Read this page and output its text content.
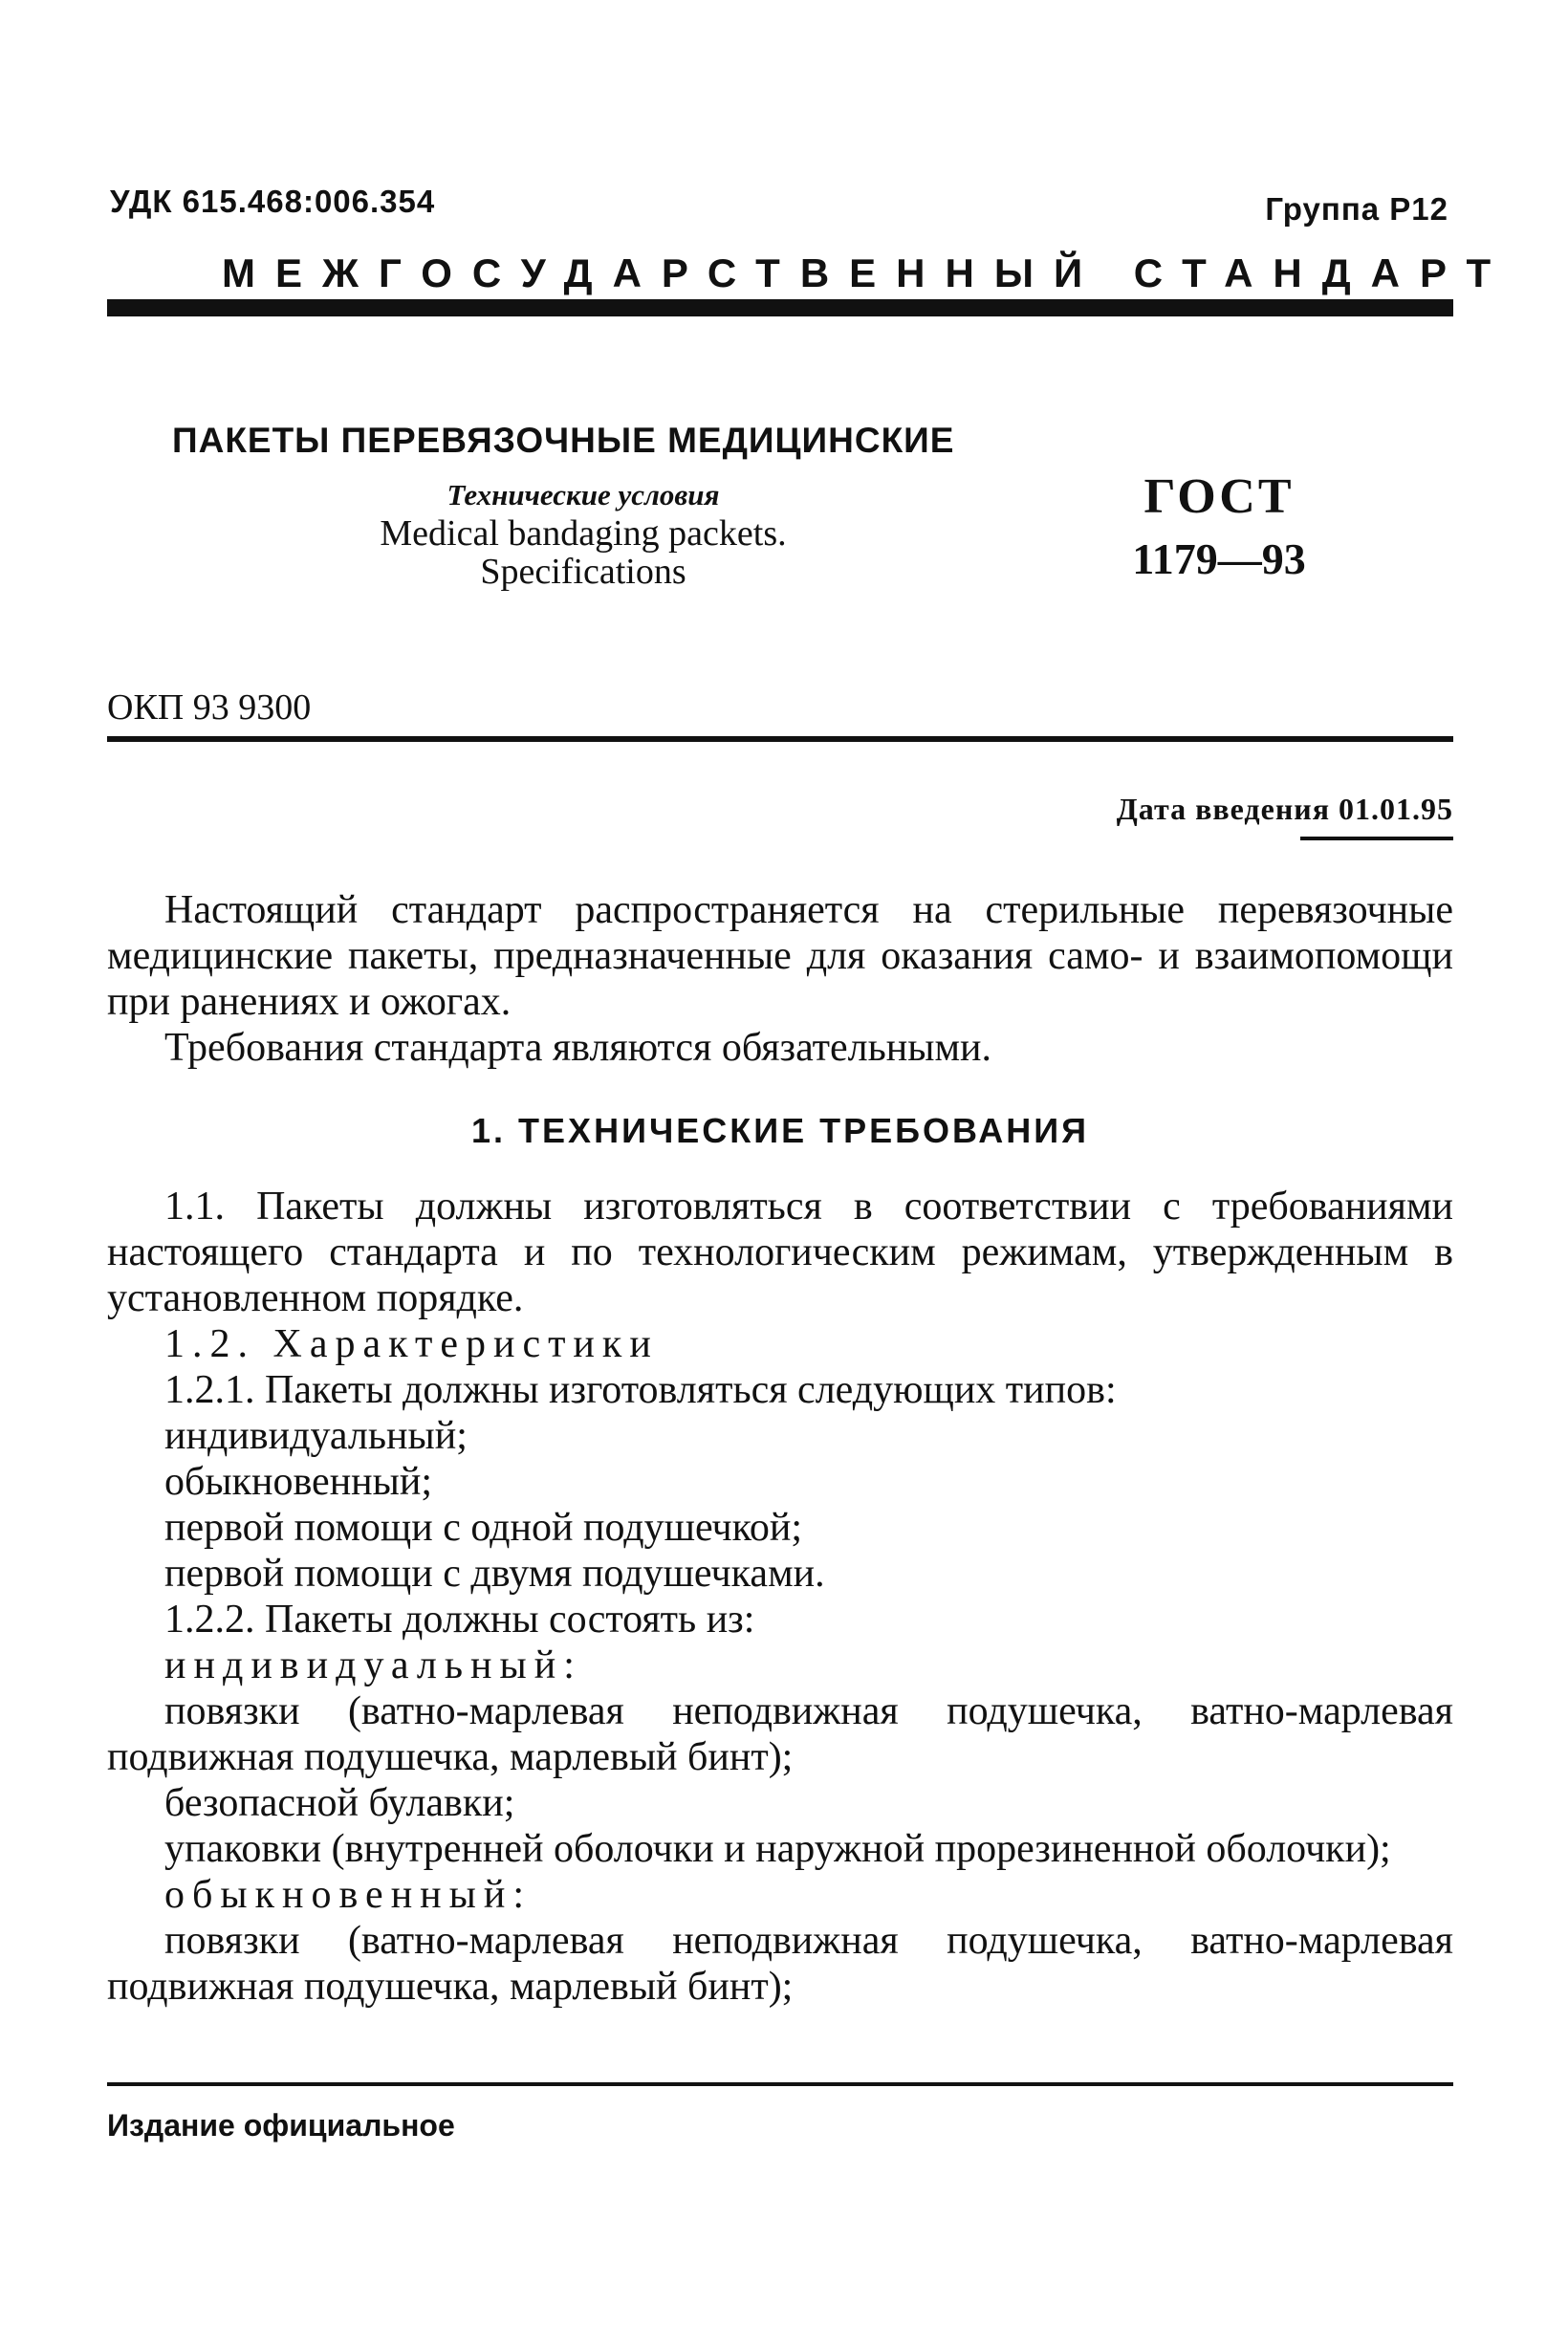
УДК 615.468:006.354	Группа Р12
МЕЖГОСУДАРСТВЕННЫЙ СТАНДАРТ
ПАКЕТЫ ПЕРЕВЯЗОЧНЫЕ МЕДИЦИНСКИЕ
Технические условия
Medical bandaging packets.
Specifications
ГОСТ
1179—93
ОКП 93 9300
Дата введения 01.01.95

Настоящий стандарт распространяется на стерильные перевязочные медицинские пакеты, предназначенные для оказания само- и взаимопомощи при ранениях и ожогах.

Требования стандарта являются обязательными.

1. ТЕХНИЧЕСКИЕ ТРЕБОВАНИЯ

1.1. Пакеты должны изготовляться в соответствии с требованиями настоящего стандарта и по технологическим режимам, утвержденным в установленном порядке.

1.2. Характеристики

1.2.1. Пакеты должны изготовляться следующих типов:

индивидуальный;

обыкновенный;

первой помощи с одной подушечкой;

первой помощи с двумя подушечками.

1.2.2. Пакеты должны состоять из:

индивидуальный:

повязки (ватно-марлевая неподвижная подушечка, ватно-марлевая подвижная подушечка, марлевый бинт);

безопасной булавки;

упаковки (внутренней оболочки и наружной прорезиненной оболочки);

обыкновенный:

повязки (ватно-марлевая неподвижная подушечка, ватно-марлевая подвижная подушечка, марлевый бинт);

Издание официальное
